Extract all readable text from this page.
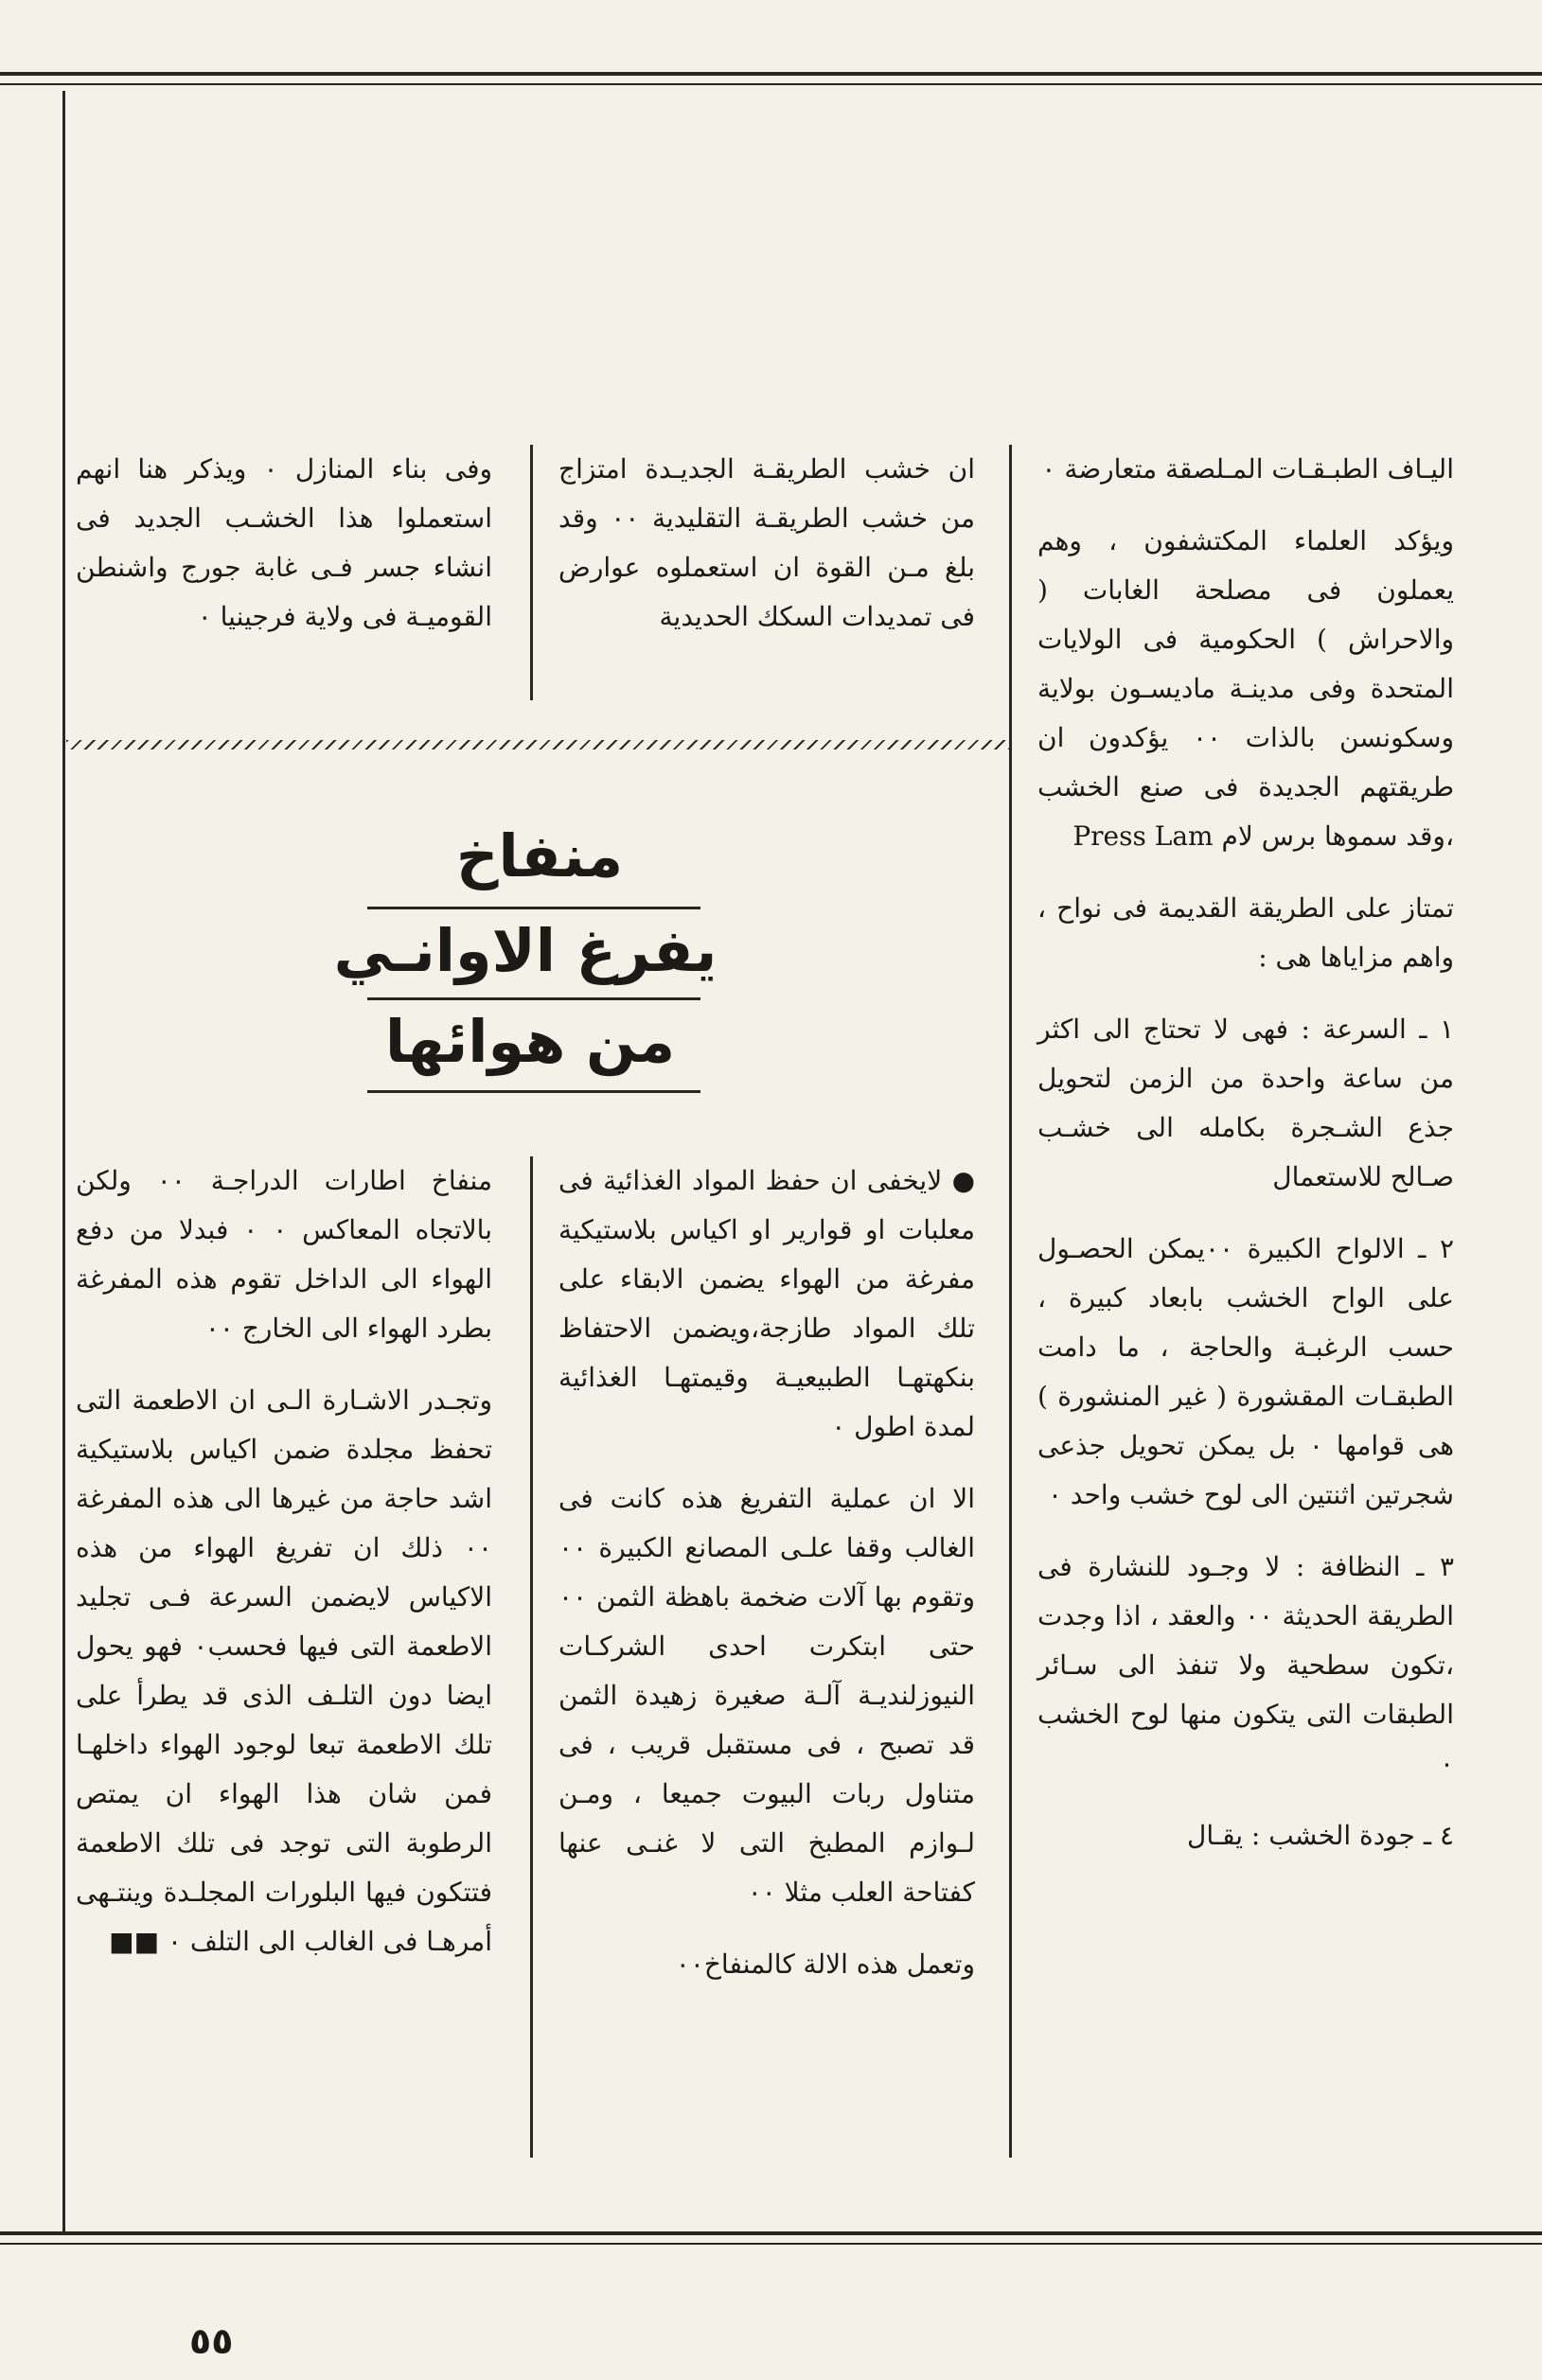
اليـاف الطبـقـات المـلصقة متعارضة ٠

ويؤكد العلماء المكتشفون ، وهم يعملون فى مصلحة الغابات ( والاحراش ) الحكومية فى الولايات المتحدة وفى مدينـة ماديسـون بولاية وسكونسن بالذات ٠٠ يؤكدون ان طريقتهم الجديدة فى صنع الخشب ،وقد سموها برس لام Press Lam

تمتاز على الطريقة القديمة فى نواح ، واهم مزاياها هى :

١ ـ السرعة : فهى لا تحتاج الى اكثر من ساعة واحدة من الزمن لتحويل جذع الشـجرة بكامله الى خشـب صـالح للاستعمال

٢ ـ الالواح الكبيرة ٠٠يمكن الحصـول على الواح الخشب بابعاد كبيرة ، حسب الرغبـة والحاجة ، ما دامت الطبقـات المقشورة ( غير المنشورة ) هى قوامها ٠ بل يمكن تحويل جذعى شجرتين اثنتين الى لوح خشب واحد ٠

٣ ـ النظافة : لا وجـود للنشارة فى الطريقة الحديثة ٠٠ والعقد ، اذا وجدت ،تكون سطحية ولا تنفذ الى سـائر الطبقات التى يتكون منها لوح الخشب ٠

٤ ـ جودة الخشب : يقـال

ان خشب الطريقـة الجديـدة امتزاج من خشب الطريقـة التقليدية ٠٠ وقد بلغ مـن القوة ان استعملوه عوارض فى تمديدات السكك الحديدية

وفى بناء المنازل ٠ ويذكر هنا انهم استعملوا هذا الخشـب الجديد فى انشاء جسر فـى غابة جورج واشنطن القوميـة فى ولاية فرجينيا ٠

منفاخ
يفرغ الاوانـي
من هوائها

● لايخفى ان حفظ المواد الغذائية فى معلبات او قوارير او اكياس بلاستيكية مفرغة من الهواء يضمن الابقاء على تلك المواد طازجة،ويضمن الاحتفاظ بنكهتهـا الطبيعيـة وقيمتهـا الغذائية لمدة اطول ٠

الا ان عملية التفريغ هذه كانت فى الغالب وقفا علـى المصانع الكبيرة ٠٠ وتقوم بها آلات ضخمة باهظة الثمن ٠٠ حتى ابتكرت احدى الشركـات النيوزلنديـة آلـة صغيرة زهيدة الثمن قد تصبح ، فى مستقبل قريب ، فى متناول ربات البيوت جميعا ، ومـن لـوازم المطبخ التى لا غنـى عنها كفتاحة العلب مثلا ٠٠

وتعمل هذه الالة كالمنفاخ٠٠

منفاخ اطارات الدراجـة ٠٠ ولكن بالاتجاه المعاكس ٠ ٠ فبدلا من دفع الهواء الى الداخل تقوم هذه المفرغة بطرد الهواء الى الخارج ٠٠

وتجـدر الاشـارة الـى ان الاطعمة التى تحفظ مجلدة ضمن اكياس بلاستيكية اشد حاجة من غيرها الى هذه المفرغة ٠٠ ذلك ان تفريغ الهواء من هذه الاكياس لايضمن السرعة فـى تجليد الاطعمة التى فيها فحسب٠ فهو يحول ايضا دون التلـف الذى قد يطرأ على تلك الاطعمة تبعا لوجود الهواء داخلهـا فمن شان هذا الهواء ان يمتص الرطوبة التى توجد فى تلك الاطعمة فتتكون فيها البلورات المجلـدة وينتـهى أمرهـا فى الغالب الى التلف ٠ ■■

٥٥
